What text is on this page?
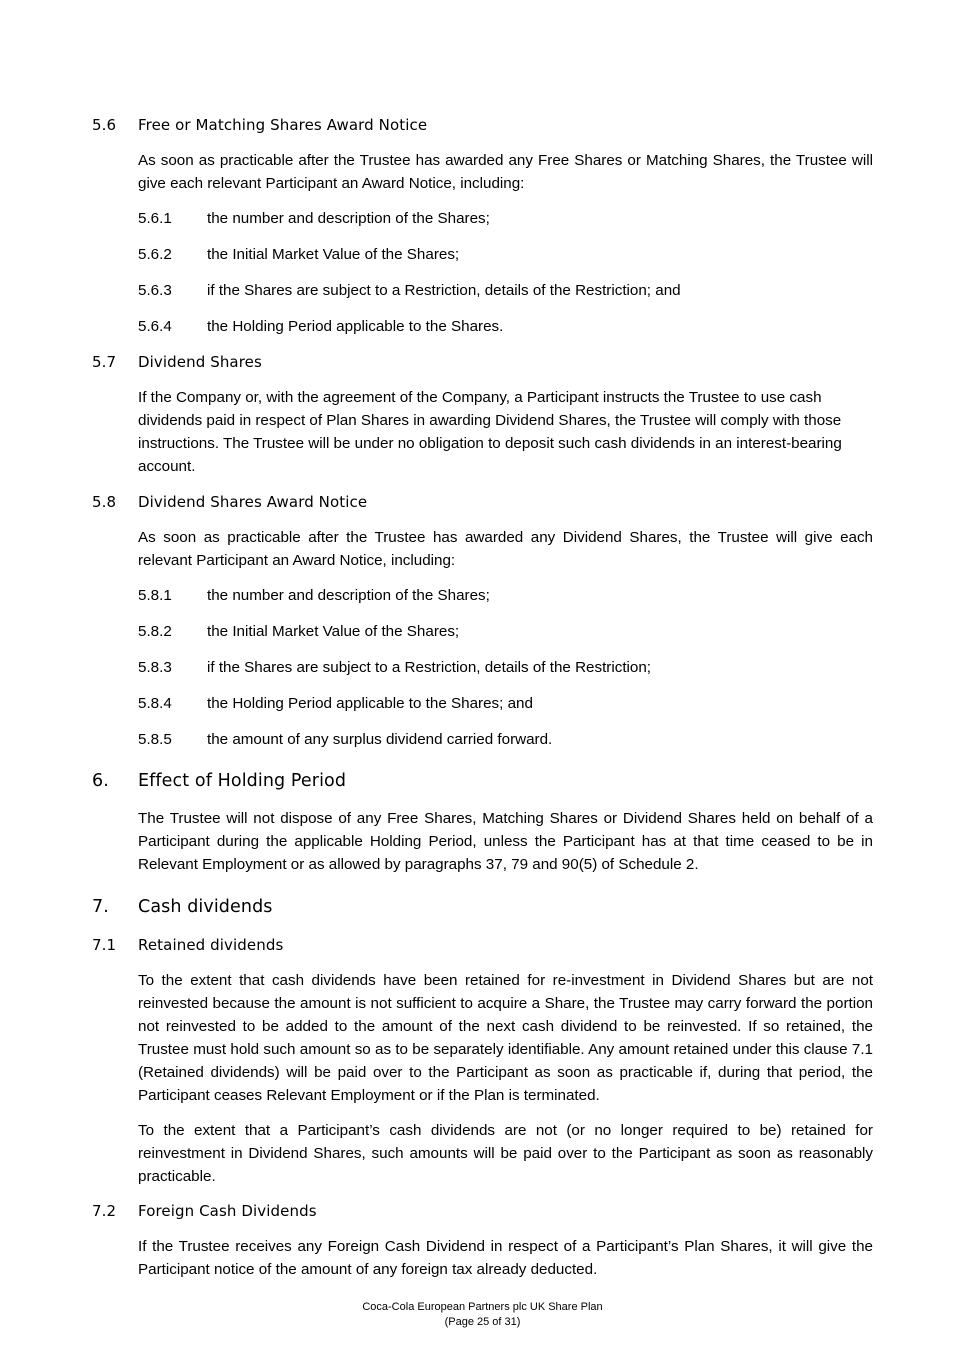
5.6 Free or Matching Shares Award Notice

As soon as practicable after the Trustee has awarded any Free Shares or Matching Shares, the Trustee will give each relevant Participant an Award Notice, including:

5.6.1 the number and description of the Shares;
5.6.2 the Initial Market Value of the Shares;
5.6.3 if the Shares are subject to a Restriction, details of the Restriction; and
5.6.4 the Holding Period applicable to the Shares.
5.7 Dividend Shares

If the Company or, with the agreement of the Company, a Participant instructs the Trustee to use cash dividends paid in respect of Plan Shares in awarding Dividend Shares, the Trustee will comply with those instructions. The Trustee will be under no obligation to deposit such cash dividends in an interest-bearing account.

5.8 Dividend Shares Award Notice

As soon as practicable after the Trustee has awarded any Dividend Shares, the Trustee will give each relevant Participant an Award Notice, including:

5.8.1 the number and description of the Shares;
5.8.2 the Initial Market Value of the Shares;
5.8.3 if the Shares are subject to a Restriction, details of the Restriction;
5.8.4 the Holding Period applicable to the Shares; and
5.8.5 the amount of any surplus dividend carried forward.
6. Effect of Holding Period

The Trustee will not dispose of any Free Shares, Matching Shares or Dividend Shares held on behalf of a Participant during the applicable Holding Period, unless the Participant has at that time ceased to be in Relevant Employment or as allowed by paragraphs 37, 79 and 90(5) of Schedule 2.

7. Cash dividends
7.1 Retained dividends

To the extent that cash dividends have been retained for re-investment in Dividend Shares but are not reinvested because the amount is not sufficient to acquire a Share, the Trustee may carry forward the portion not reinvested to be added to the amount of the next cash dividend to be reinvested. If so retained, the Trustee must hold such amount so as to be separately identifiable. Any amount retained under this clause 7.1 (Retained dividends) will be paid over to the Participant as soon as practicable if, during that period, the Participant ceases Relevant Employment or if the Plan is terminated.

To the extent that a Participant’s cash dividends are not (or no longer required to be) retained for reinvestment in Dividend Shares, such amounts will be paid over to the Participant as soon as reasonably practicable.

7.2 Foreign Cash Dividends

If the Trustee receives any Foreign Cash Dividend in respect of a Participant’s Plan Shares, it will give the Participant notice of the amount of any foreign tax already deducted.

Coca-Cola European Partners plc UK Share Plan
(Page 25 of 31)
